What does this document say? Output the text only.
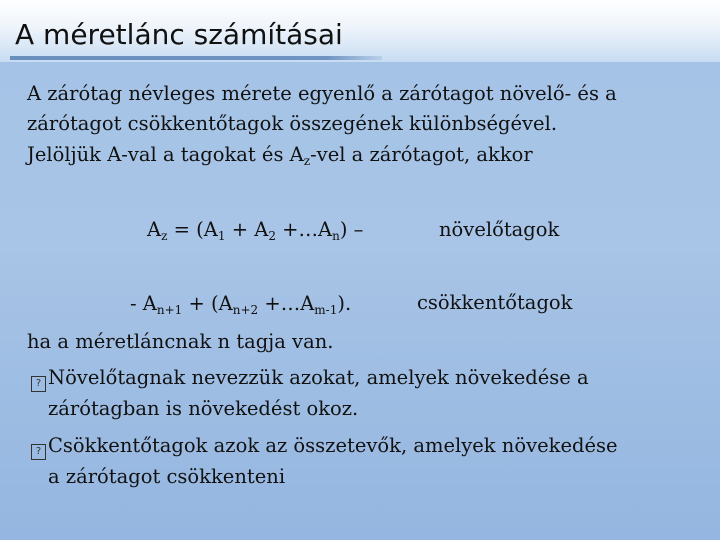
A méretlánc számításai

A zárótag névleges mérete egyenlő a zárótagot növelő- és a

zárótagot csökkentőtagok összegének különbségével.

Jelöljük A-val a tagokat és $A_z$-vel a zárótagot, akkor

$A_z = (A_1 + A_2$ $+\dots A_n$) –	növelőtagok

- $A_{n+1} + (A_{n+2}$ $+\dots A_{m-1}$).	csökkentőtagok

ha a méretláncnak n tagja van.

? Növelőtagnak nevezzük azokat, amelyek növekedése a

zárótagban is növekedést okoz.

? Csökkentőtagok azok az összetevők, amelyek növekedése

a zárótagot csökkenteni
